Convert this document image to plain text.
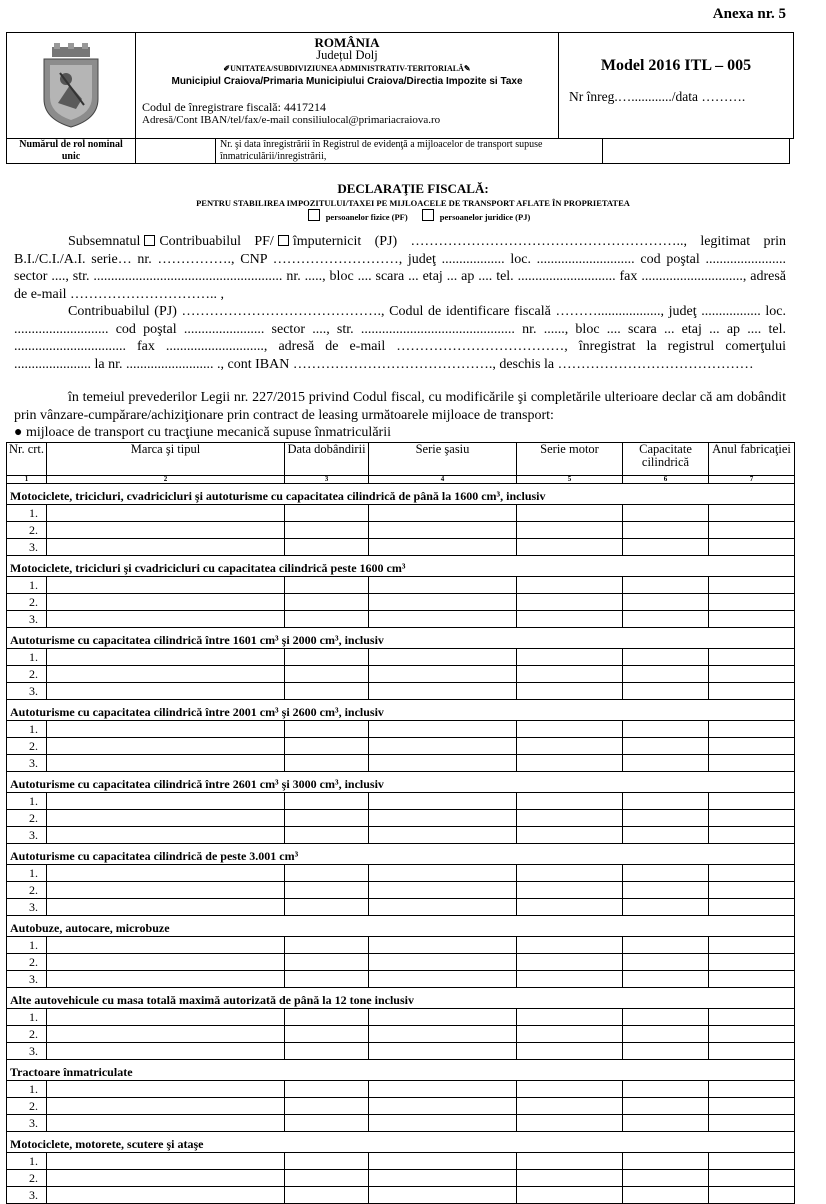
Anexa nr. 5

ROMÂNIA
Județul Dolj
✐UNITATEA/SUBDIVIZIUNEA ADMINISTRATIV-TERITORIALĂ✎
Municipiul Craiova/Primaria Municipiului Craiova/Directia Impozite si Taxe
Codul de înregistrare fiscală: 4417214
Adresă/Cont IBAN/tel/fax/e-mail consiliulocal@primariacraiova.ro

Model 2016 ITL – 005
Nr înreg.…............/data ……….
Numărul de rol nominal unic		Nr. şi data înregistrării în Registrul de evidenţă a mijloacelor de transport supuse înmatriculării/inregistrării,	
DECLARAŢIE FISCALĂ:
PENTRU STABILIREA IMPOZITULUI/TAXEI PE MIJLOACELE DE TRANSPORT AFLATE ÎN PROPRIETATEA
persoanelor fizice (PF)	persoanelor juridice (PJ)

Subsemnatul Contribuabilul PF/ împuternicit (PJ) ………………………………………………….., legitimat prin B.I./C.I./A.I. serie… nr. ……………., CNP ………………………, judeţ .................. loc. ............................ cod poştal ....................... sector ...., str. ...................................................... nr. ....., bloc .... scara ... etaj ... ap .... tel. ............................ fax ............................., adresă de e-mail ………………………….. ,

Contribuabilul (PJ) ……………………………………., Codul de identificare fiscală ……….................., judeţ ................. loc. ........................... cod poştal ....................... sector ...., str. ............................................ nr. ......, bloc .... scara ... etaj ... ap .... tel. ................................ fax ............................, adresă de e-mail ………………………………, înregistrat la registrul comerţului ...................... la nr. ......................... ., cont IBAN ……………………………………., deschis la ……………………………………

în temeiul prevederilor Legii nr. 227/2015 privind Codul fiscal, cu modificările şi completările ulterioare declar că am dobândit prin vânzare-cumpărare/achiziţionare prin contract de leasing următoarele mijloace de transport:

● mijloace de transport cu tracţiune mecanică supuse înmatriculării

Nr. crt.	Marca şi tipul	Data dobândirii	Serie şasiu	Serie motor	Capacitate cilindrică	Anul fabricaţiei
1	2	3	4	5	6	7
Motociclete, tricicluri, cvadricicluri şi autoturisme cu capacitatea cilindrică de până la 1600 cm³, inclusiv						
1.						
2.						
3.						
Motociclete, tricicluri şi cvadricicluri cu capacitatea cilindrică peste 1600 cm³						
1.						
2.						
3.						
Autoturisme cu capacitatea cilindrică între 1601 cm³ şi 2000 cm³, inclusiv						
1.						
2.						
3.						
Autoturisme cu capacitatea cilindrică între 2001 cm³ şi 2600 cm³, inclusiv						
1.						
2.						
3.						
Autoturisme cu capacitatea cilindrică între 2601 cm³ şi 3000 cm³, inclusiv						
1.						
2.						
3.						
Autoturisme cu capacitatea cilindrică de peste 3.001 cm³						
1.						
2.						
3.						
Autobuze, autocare, microbuze						
1.						
2.						
3.						
Alte autovehicule cu masa totală maximă autorizată de până la 12 tone inclusiv						
1.						
2.						
3.						
Tractoare înmatriculate						
1.						
2.						
3.						
Motociclete, motorete, scutere şi ataşe						
1.						
2.						
3.						
